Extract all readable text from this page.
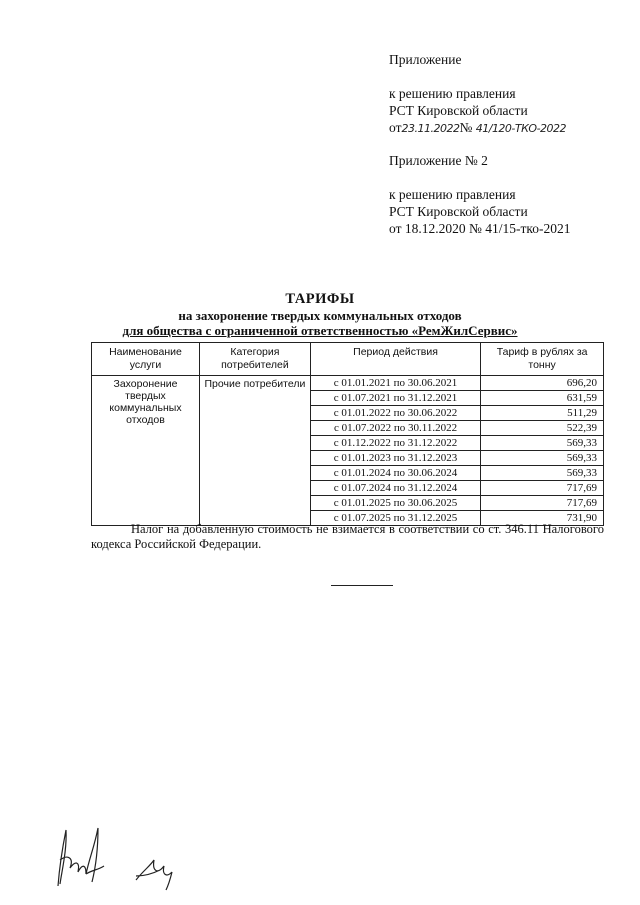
Приложение
к решению правления
РСТ Кировской области
от23.11.2022№ 41/120-ТКО-2022
Приложение № 2
к решению правления
РСТ Кировской области
от 18.12.2020 № 41/15-тко-2021
ТАРИФЫ
на захоронение твердых коммунальных отходов
для общества с ограниченной ответственностью «РемЖилСервис»
Наименование услуги	Категория потребителей	Период действия	Тариф в рублях за тонну
Захоронение твердых коммунальных отходов	Прочие потребители	с 01.01.2021 по 30.06.2021	696,20
		с 01.07.2021 по 31.12.2021	631,59
		с 01.01.2022 по 30.06.2022	511,29
		с 01.07.2022 по 30.11.2022	522,39
		с 01.12.2022 по 31.12.2022	569,33
		с 01.01.2023 по 31.12.2023	569,33
		с 01.01.2024 по 30.06.2024	569,33
		с 01.07.2024 по 31.12.2024	717,69
		с 01.01.2025 по 30.06.2025	717,69
		с 01.07.2025 по 31.12.2025	731,90
Налог на добавленную стоимость не взимается в соответствии со ст. 346.11 Налогового кодекса Российской Федерации.
